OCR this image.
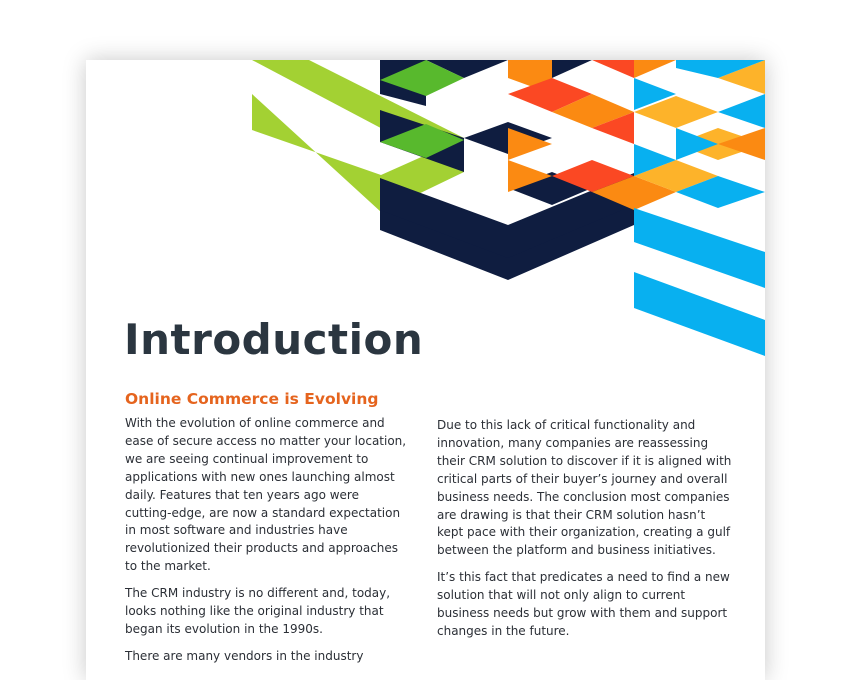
Introduction
Online Commerce is Evolving

With the evolution of online commerce and ease of secure access no matter your location, we are seeing continual improvement to applications with new ones launching almost daily. Features that ten years ago were cutting-edge, are now a standard expectation in most software and industries have revolutionized their products and approaches to the market.

The CRM industry is no different and, today, looks nothing like the original industry that began its evolution in the 1990s.

There are many vendors in the industry

Due to this lack of critical functionality and innovation, many companies are reassessing their CRM solution to discover if it is aligned with critical parts of their buyer’s journey and overall business needs. The conclusion most companies are drawing is that their CRM solution hasn’t kept pace with their organization, creating a gulf between the platform and business initiatives.

It’s this fact that predicates a need to find a new solution that will not only align to current business needs but grow with them and support changes in the future.
